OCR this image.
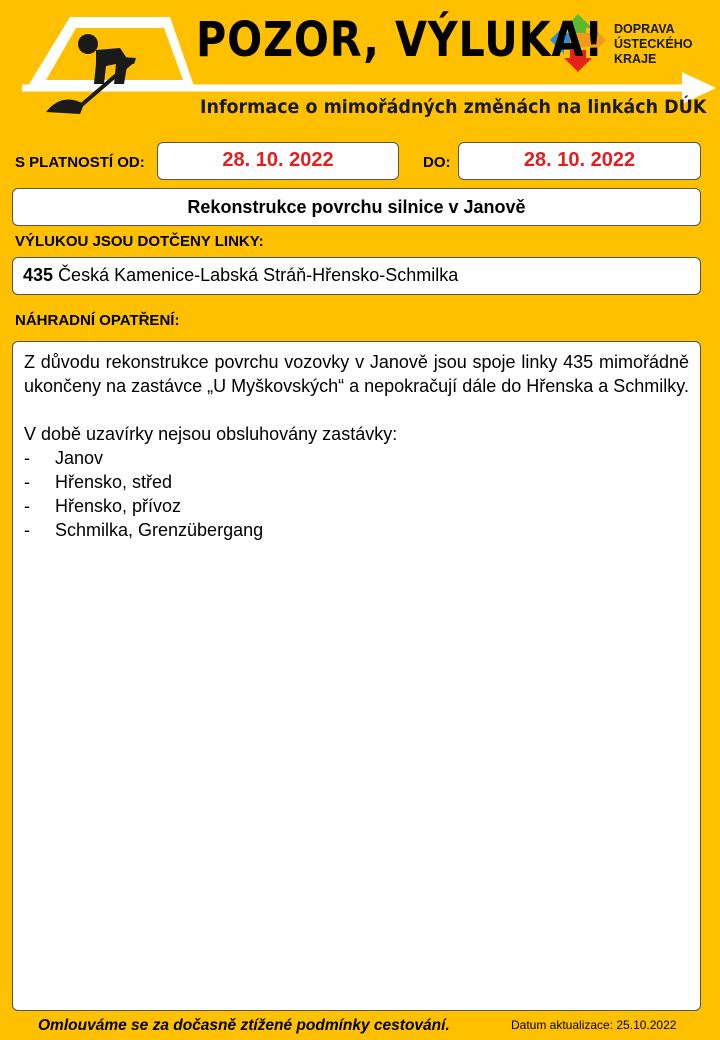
POZOR, VÝLUKA!
Informace o mimořádných změnách na linkách DÚK
DOPRAVA
ÚSTECKÉHO
KRAJE
S PLATNOSTÍ OD:	28. 10. 2022	DO:	28. 10. 2022
Rekonstrukce povrchu silnice v Janově
VÝLUKOU JSOU DOTČENY LINKY:
435 Česká Kamenice-Labská Stráň-Hřensko-Schmilka
NÁHRADNÍ OPATŘENÍ:
Z důvodu rekonstrukce povrchu vozovky v Janově jsou spoje linky 435 mimořádně ukončeny na zastávce „U Myškovských“ a nepokračují dále do Hřenska a Schmilky.
V době uzavírky nejsou obsluhovány zastávky:
-	Janov
-	Hřensko, střed
-	Hřensko, přívoz
-	Schmilka, Grenzübergang
Omlouváme se za dočasně ztížené podmínky cestování.	Datum aktualizace: 25.10.2022
